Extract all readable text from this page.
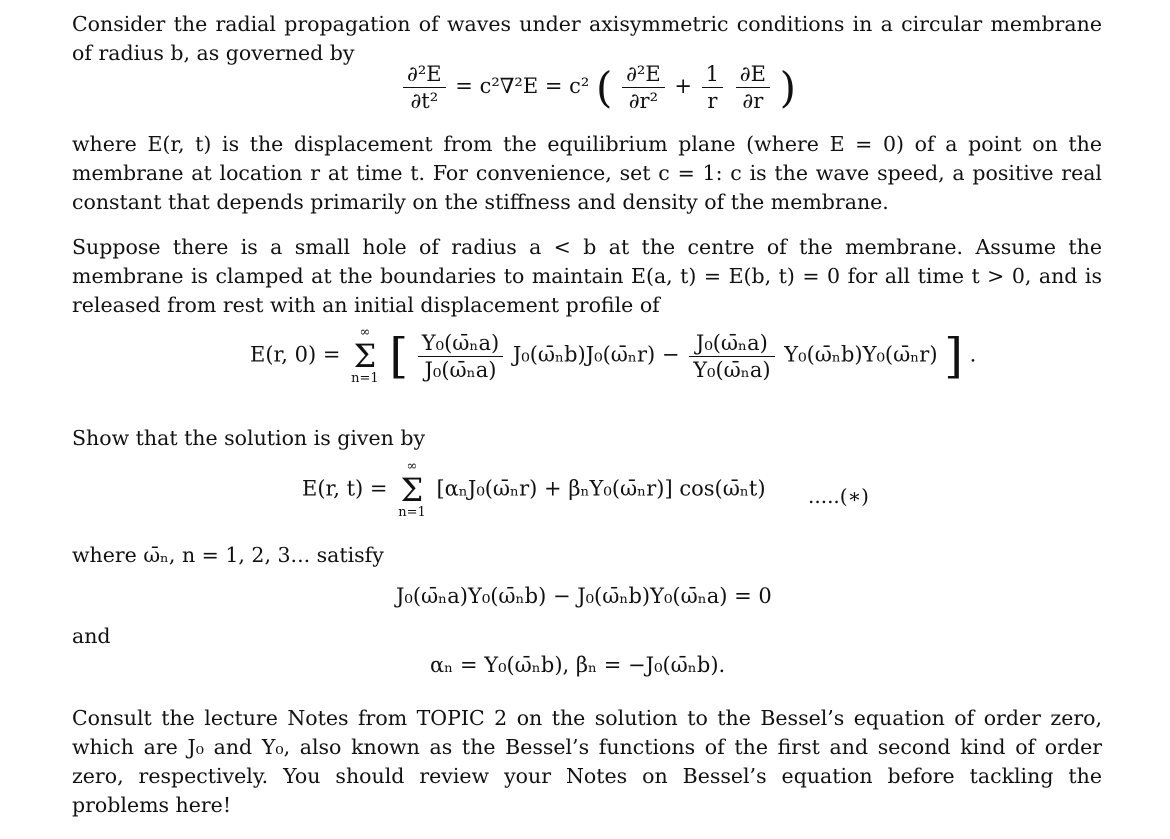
Consider the radial propagation of waves under axisymmetric conditions in a circular membrane of radius b, as governed by

$\frac{\text{∂²E}}{\text{∂t²}} = c^2\nabla^2E = c^2$ ( $\frac{\text{∂²E}}{\text{∂r²}} + \frac{1}{r}$
$\frac{\partial E}{\partial r}$ )

where E(r, t) is the displacement from the equilibrium plane (where E = 0) of a point on the membrane at location r at time t. For convenience, set c = 1: c is the wave speed, a positive real constant that depends primarily on the stiffness and density of the membrane.

Suppose there is a small hole of radius a < b at the centre of the membrane. Assume the membrane is clamped at the boundaries to maintain E(a, t) = E(b, t) = 0 for all time t > 0, and is released from rest with an initial displacement profile of

E(r, 0) =
∞
Σ
n=1 [ $\frac{\text{Y₀(ω̄ₙa)}}{\text{J₀(ω̄ₙa)}}$ J₀(ω̄ₙb)J₀(ω̄ₙr) − $\frac{\text{J₀(ω̄ₙa)}}{\text{Y₀(ω̄ₙa)}}$ Y₀(ω̄ₙb)Y₀(ω̄ₙr) ] .

Show that the solution is given by

E(r, t) =
∞
Σ
n=1
[αₙJ₀(ω̄ₙr) + βₙY₀(ω̄ₙr)] cos(ω̄ₙt) .....(∗)

where ω̄ₙ, n = 1, 2, 3... satisfy

J₀(ω̄ₙa)Y₀(ω̄ₙb) − J₀(ω̄ₙb)Y₀(ω̄ₙa) = 0

and

αₙ = Y₀(ω̄ₙb), βₙ = −J₀(ω̄ₙb).

Consult the lecture Notes from TOPIC 2 on the solution to the Bessel’s equation of order zero, which are J₀ and Y₀, also known as the Bessel’s functions of the first and second kind of order zero, respectively. You should review your Notes on Bessel’s equation before tackling the problems here!
